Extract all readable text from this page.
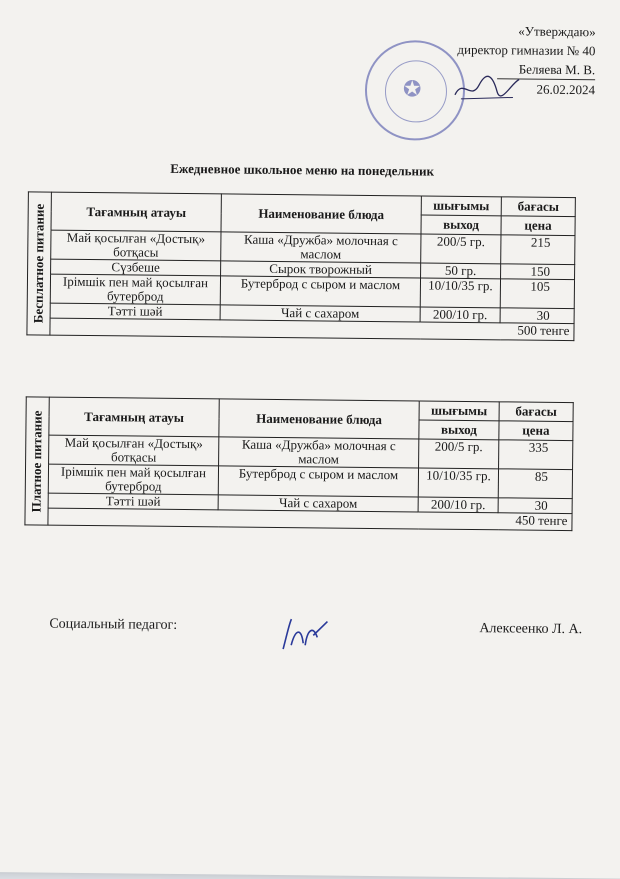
«Утверждаю»
директор гимназии № 40
Беляева М. В.
26.02.2024
✪
Ежедневное школьное меню на понедельник
Бесплатное питание	Тағамның атауы	Наименование блюда	шығымы	бағасы
		выход	цена
Май қосылған «Достық» ботқасы	Каша «Дружба» молочная с маслом	200/5 гр.	215
Сүзбеше	Сырок творожный	50 гр.	150
Ірімшік пен май қосылған бутерброд	Бутерброд с сыром и маслом	10/10/35 гр.	105
Тәтті шәй	Чай с сахаром	200/10 гр.	30
500 тенге			
Платное питание	Тағамның атауы	Наименование блюда	шығымы	бағасы
		выход	цена
Май қосылған «Достық» ботқасы	Каша «Дружба» молочная с маслом	200/5 гр.	335
Ірімшік пен май қосылған бутерброд	Бутерброд с сыром и маслом	10/10/35 гр.	85
Тәтті шәй	Чай с сахаром	200/10 гр.	30
450 тенге			
Социальный педагог:	Алексеенко Л. А.
